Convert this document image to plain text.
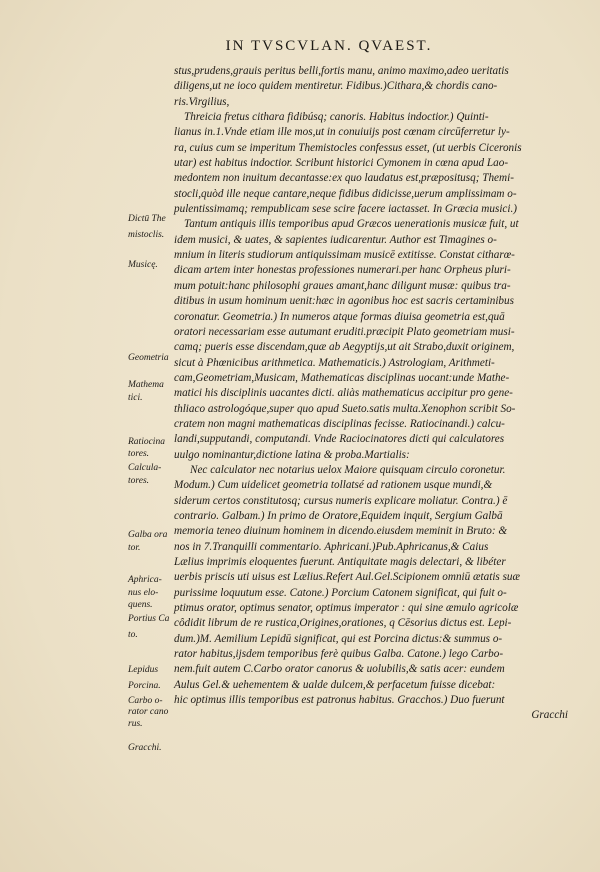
IN TVSCVLAN. QVAEST.
stus,prudens,grauis peritus belli,fortis manu, animo maximo,adeo ueritatis
diligens,ut ne ioco quidem mentiretur. Fidibus.)Cithara,& chordis cano-
ris.Virgilius,
Threicia fretus cithara fidibúsq; canoris. Habitus indoctior.) Quinti-
lianus in.1.Vnde etiam ille mos,ut in conuiuijs post cœnam circūferretur ly-
ra, cuius cum se imperitum Themistocles confessus esset, (ut uerbis Ciceronis
utar) est habitus indoctior. Scribunt historici Cymonem in cœna apud Lao-
medontem non inuitum decantasse:ex quo laudatus est,præpositusq; Themi-
stocli,quòd ille neque cantare,neque fidibus didicisse,uerum amplissimam o-
pulentissimamq; rempublicam sese scire facere iactasset. In Græcia musici.)
Tantum antiquis illis temporibus apud Græcos uenerationis musicæ fuit, ut
idem musici, & uates, & sapientes iudicarentur. Author est Timagines o-
mnium in literis studiorum antiquissimam musicē extitisse. Constat citharœ-
dicam artem inter honestas professiones numerari.per hanc Orpheus pluri-
mum potuit:hanc philosophi graues amant,hanc diligunt musæ: quibus tra-
ditibus in usum hominum uenit:hæc in agonibus hoc est sacris certaminibus
coronatur. Geometria.) In numeros atque formas diuisa geometria est,quā
oratori necessariam esse autumant eruditi.præcipit Plato geometriam musi-
camq; pueris esse discendam,quæ ab Aegyptijs,ut ait Strabo,duxit originem,
sicut à Phœnicibus arithmetica. Mathematicis.) Astrologiam, Arithmeti-
cam,Geometriam,Musicam, Mathematicas disciplinas uocant:unde Mathe-
matici his disciplinis uacantes dicti. aliàs mathematicus accipitur pro gene-
thliaco astrologóque,super quo apud Sueto.satis multa.Xenophon scribit So-
cratem non magni mathematicas disciplinas fecisse. Ratiocinandi.) calcu-
landi,supputandi, computandi. Vnde Raciocinatores dicti qui calculatores
uulgo nominantur,dictione latina & proba.Martialis:
Nec calculator nec notarius uelox Maiore quisquam circulo coronetur.
Modum.) Cum uidelicet geometria tollatsé ad rationem usque mundi,&
siderum certos constitutosq; cursus numeris explicare moliatur. Contra.) ē
contrario. Galbam.) In primo de Oratore,Equidem inquit, Sergium Galbā
memoria teneo diuinum hominem in dicendo.eiusdem meminit in Bruto: &
nos in 7.Tranquilli commentario. Aphricani.)Pub.Aphricanus,& Caius
Lælius imprimis eloquentes fuerunt. Antiquitate magis delectari, & libéter
uerbis priscis uti uisus est Lælius.Refert Aul.Gel.Scipionem omniū ætatis suæ
purissime loquutum esse. Catone.) Porcium Catonem significat, qui fuit o-
ptimus orator, optimus senator, optimus imperator : qui sine æmulo agricolæ
côdidit librum de re rustica,Origines,orationes, q Cēsorius dictus est. Lepi-
dum.)M. Aemilium Lepidū significat, qui est Porcina dictus:& summus o-
rator habitus,ijsdem temporibus ferè quibus Galba. Catone.) lego Carbo-
nem.fuit autem C.Carbo orator canorus & uolubilis,& satis acer: eundem
Aulus Gel.& uehementem & ualde dulcem,& perfacetum fuisse dicebat:
hic optimus illis temporibus est patronus habitus. Gracchos.) Duo fuerunt
Gracchi
Dictū The
mistoclis.
Musicę.
Geometria
Mathema
tici.
Ratiocina
tores.
Calcula-
tores.
Galba ora
tor.
Aphrica-
nus elo-
quens.
Portius Ca
to.
Lepidus
Porcina.
Carbo o-
rator cano
rus.
Gracchi.
